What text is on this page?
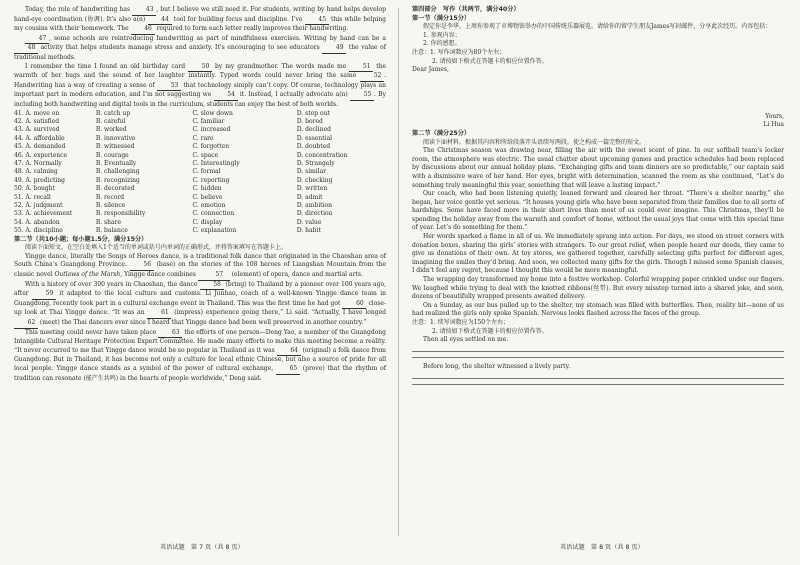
Today, the role of handwriting has 43 , but I believe we still need it. For students, writing by hand helps develop hand-eye coordination (协调). It’s also a(n) 44 tool for building focus and discipline. I’ve 45 this while helping my cousins with their homework. The 46 required to form each letter really improves their handwriting.

47 , some schools are reintroducing handwriting as part of mindfulness exercises. Writing by hand can be a 48 activity that helps students manage stress and anxiety. It’s encouraging to see educators 49 the value of traditional methods.

I remember the time I found an old birthday card 50 by my grandmother. The words made me 51 the warmth of her hugs and the sound of her laughter instantly. Typed words could never bring the same 52 . Handwriting has a way of creating a sense of 53 that technology simply can’t copy. Of course, technology plays an important part in modern education, and I’m not suggesting we 54 it. Instead, I actually advocate a(n) 55 . By including both handwriting and digital tools in the curriculum, students can enjoy the best of both worlds.

41. A. move on	B. catch up	C. slow down	D. stop out
42. A. satisfied	B. careful	C. familiar	D. bored
43. A. survived	B. worked	C. increased	D. declined
44. A. affordable	B. innovative	C. rare	D. essential
45. A. demanded	B. witnessed	C. forgotten	D. doubted
46. A. experience	B. courage	C. space	D. concentration
47. A. Normally	B. Eventually	C. Interestingly	D. Strangely
48. A. calming	B. challenging	C. formal	D. similar
49. A. predicting	B. recognizing	C. reporting	D. checking
50. A. bought	B. decorated	C. hidden	D. written
51. A. recall	B. record	C. believe	D. admit
52. A. judgment	B. silence	C. emotion	D. ambition
53. A. achievement	B. responsibility	C. connection	D. direction
54. A. abandon	B. share	C. display	D. value
55. A. discipline	B. balance	C. explanation	D. habit

第二节（共10小题；每小题1.5分，满分15分）

阅读下面短文，在空白处填入1个适当的单词或括号内单词的正确形式，并将答案填写在答题卡上。

Yingge dance, literally the Songs of Heroes dance, is a traditional folk dance that originated in the Chaoshan area of South China’s Guangdong Province. 56 (base) on the stories of the 108 heroes of Liangshan Mountain from the classic novel Outlaws of the Marsh, Yingge dance combines	57 (element) of opera, dance and martial arts.

With a history of over 300 years in Chaoshan, the dance 58 (bring) to Thailand by a pioneer over 100 years ago, after 59 it adapted to the local culture and customs. Li Junhao, coach of a well-known Yingge dance team in Guangdong, recently took part in a cultural exchange event in Thailand. This was the first time he had got 60 close-up look at Thai Yingge dance. “It was an 61 (impress) experience going there,” Li said. “Actually, I have longed 62 (meet) the Thai dancers ever since I heard that Yingge dance had been well preserved in another country.”

This meeting could never have taken place 63 the efforts of one person—Deng Yao, a member of the Guangdong Intangible Cultural Heritage Protection Expert Committee. He made many efforts to make this meeting become a reality. “It never occurred to me that Yingge dance would be so popular in Thailand as it was 64 (original) a folk dance from Guangdong. But in Thailand, it has become not only a culture for local ethnic Chinese, but also a source of pride for all local people. Yingge dance stands as a symbol of the power of cultural exchange, 65 (prove) that the rhythm of tradition can resonate (能产生共鸣) in the hearts of people worldwide,” Deng said.

第四部分　写作（共两节，满分40分）

第一节（满分15分）

假定你是李华，上周你参观了市博物馆举办的中国传统乐器展览。请给你的留学生朋友James写封邮件，分享此次经历。内容包括：

1. 参观内容；

2. 你的感想。

注意：1. 写作词数应为80个左右；

2. 请按如下格式在答题卡的相应位置作答。

Dear James,

Yours,

Li Hua

第二节（满分25分）

阅读下面材料，根据其内容和所给段落开头语续写两段，使之构成一篇完整的短文。

The Christmas season was drawing near, filling the air with the sweet scent of pine. In our softball team’s locker room, the atmosphere was electric. The usual chatter about upcoming games and practice schedules had been replaced by discussions about our annual holiday plans. “Exchanging gifts and team dinners are so predictable,” our captain said with a dismissive wave of her hand. Her eyes, bright with determination, scanned the room as she continued, “Let’s do something truly meaningful this year, something that will leave a lasting impact.”

Our coach, who had been listening quietly, leaned forward and cleared her throat. “There’s a shelter nearby,” she began, her voice gentle yet serious. “It houses young girls who have been separated from their families due to all sorts of hardships. Some have faced more in their short lives than most of us could ever imagine. This Christmas, they’ll be spending the holiday away from the warmth and comfort of home, without the usual joys that come with this special time of year. Let’s do something for them.”

Her words sparked a flame in all of us. We immediately sprang into action. For days, we stood on street corners with donation boxes, sharing the girls’ stories with strangers. To our great relief, when people heard our deeds, they came to give us donations of their own. At toy stores, we gathered together, carefully selecting gifts perfect for different ages, imagining the smiles they’d bring. And soon, we collected many gifts for the girls. Though I missed some Spanish classes, I didn’t feel any regret, because I thought this would be more meaningful.

The wrapping day transformed my home into a festive workshop. Colorful wrapping paper crinkled under our fingers. We laughed while trying to deal with the knotted ribbons(丝带). But every misstep turned into a shared joke, and soon, dozens of beautifully wrapped presents awaited delivery.

On a Sunday, as our bus pulled up to the shelter, my stomach was filled with butterflies. Then, reality hit—none of us had realized the girls only spoke Spanish. Nervous looks flashed across the faces of the group.

注意：1. 续写词数应为150个左右；

2. 请按如下格式在答题卡的相应位置作答。

Then all eyes settled on me.

Before long, the shelter witnessed a lively party.

英语试题　第 7 页（共 8 页）	英语试题　第 8 页（共 8 页）
